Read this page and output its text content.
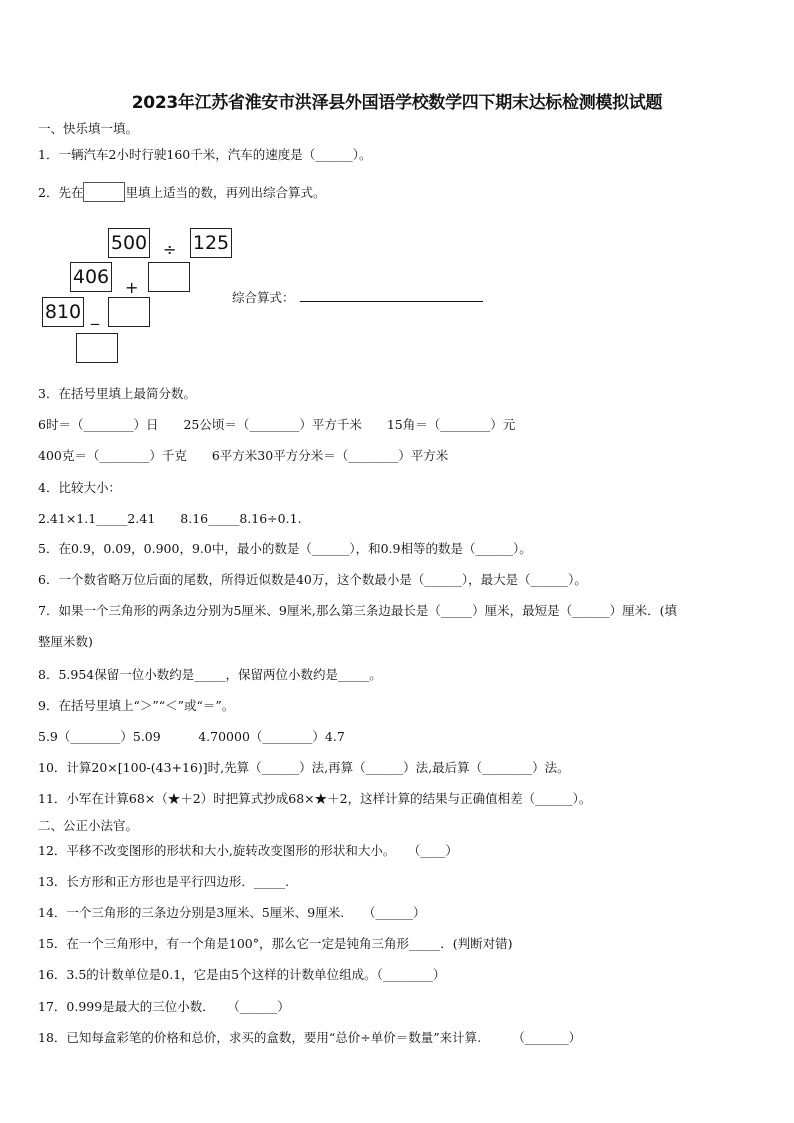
2023年江苏省淮安市洪泽县外国语学校数学四下期末达标检测模拟试题
一、快乐填一填。
1．一辆汽车2小时行驶160千米，汽车的速度是（______）。
2．先在	里填上适当的数，再列出综合算式。
500 ÷ 125
406 +
810 _
综合算式：
3．在括号里填上最简分数。
6时＝（________）日　　25公顷＝（________）平方千米　　15角＝（________）元
400克＝（________）千克　　6平方米30平方分米＝（________）平方米
4．比较大小：
2.41×1.1_____2.41　　8.16_____8.16÷0.1.
5．在0.9，0.09，0.900，9.0中，最小的数是（______），和0.9相等的数是（______）。
6．一个数省略万位后面的尾数，所得近似数是40万，这个数最小是（______），最大是（______）。
7．如果一个三角形的两条边分别为5厘米、9厘米,那么第三条边最长是（_____）厘米，最短是（______）厘米．(填
整厘米数)
8．5.954保留一位小数约是_____，保留两位小数约是_____。
9．在括号里填上“＞”“＜”或“＝”。
5.9（________）5.09　　　4.70000（________）4.7
10．计算20×[100-(43+16)]时,先算（______）法,再算（______）法,最后算（________）法。
11．小军在计算68×（★＋2）时把算式抄成68×★＋2，这样计算的结果与正确值相差（______）。
二、公正小法官。
12．平移不改变图形的形状和大小,旋转改变图形的形状和大小。　　（____）
13．长方形和正方形也是平行四边形．_____.
14．一个三角形的三条边分别是3厘米、5厘米、9厘米.　　（______）
15．在一个三角形中，有一个角是100°，那么它一定是钝角三角形_____．(判断对错)
16．3.5的计数单位是0.1，它是由5个这样的计数单位组成。（________）
17．0.999是最大的三位小数．　　（______）
18．已知每盒彩笔的价格和总价，求买的盒数，要用“总价÷单价＝数量”来计算.　　　（_______）
